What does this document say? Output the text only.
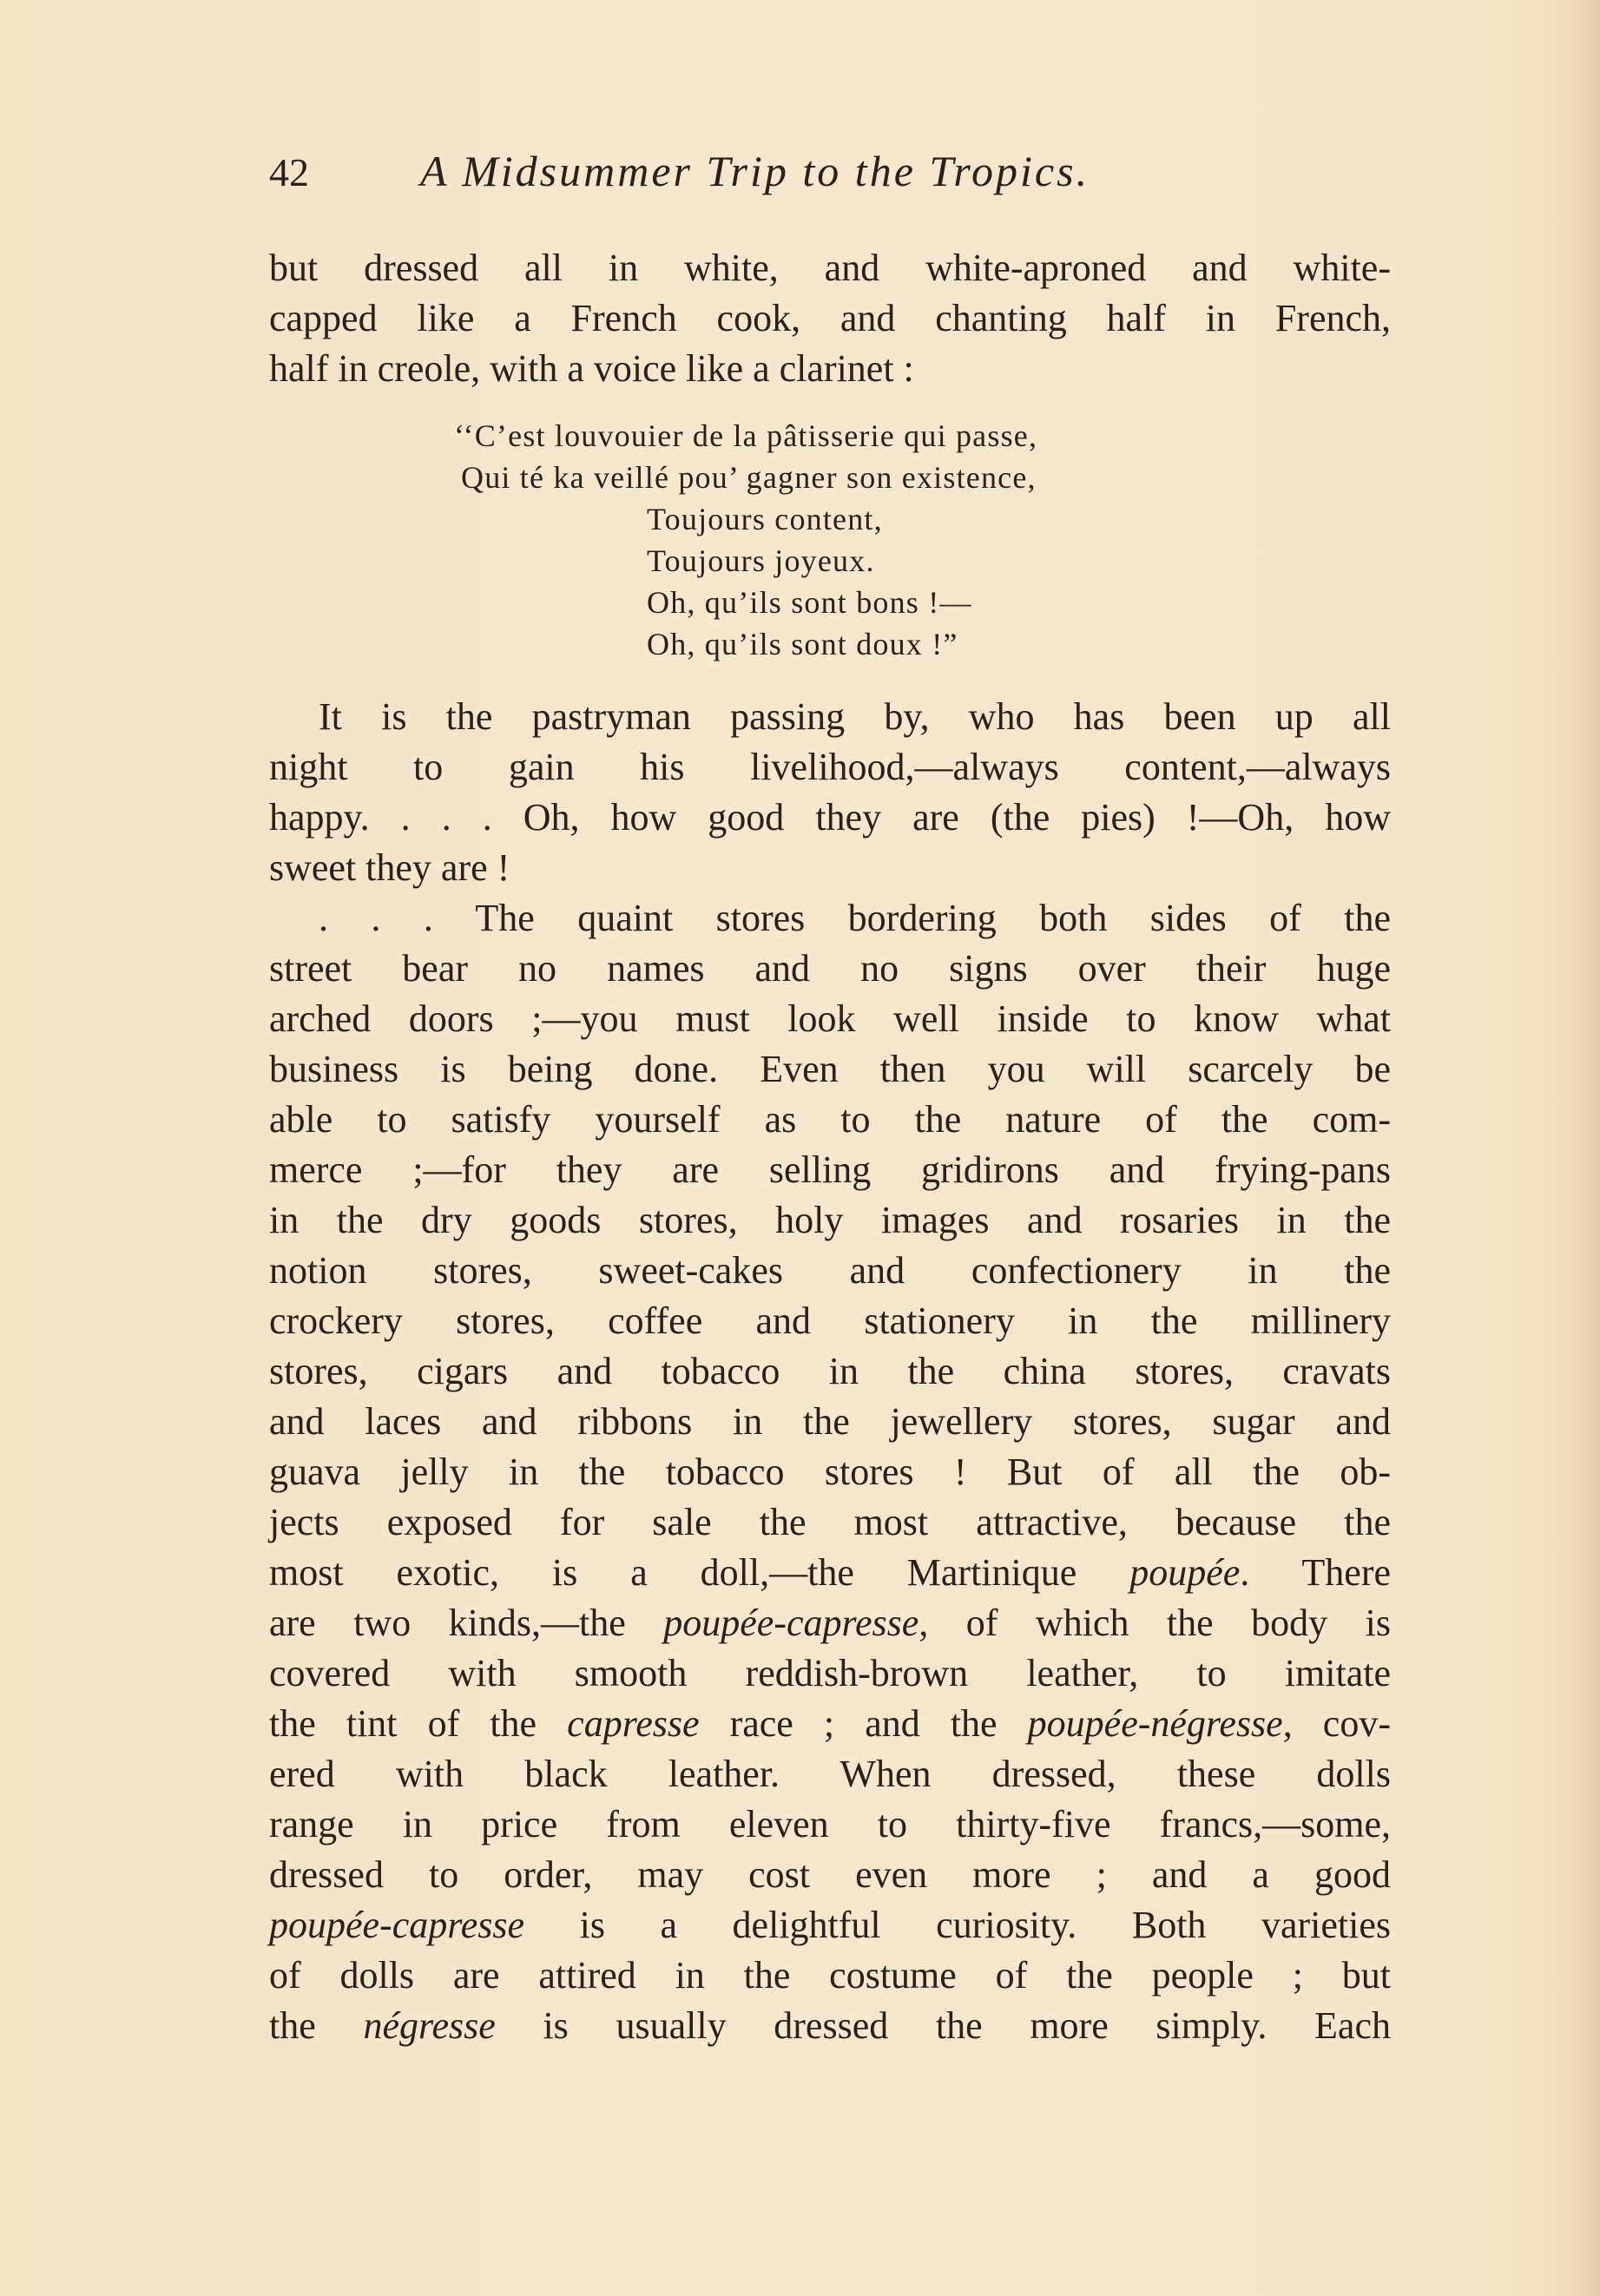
42	A Midsummer Trip to the Tropics.
but dressed all in white, and white-aproned and white-
capped like a French cook, and chanting half in French,
half in creole, with a voice like a clarinet :
‘‘C’est louvouier de la pâtisserie qui passe,
Qui té ka veillé pou’ gagner son existence,
Toujours content,
Toujours joyeux.
Oh, qu’ils sont bons !—
Oh, qu’ils sont doux !”
It is the pastryman passing by, who has been up all
night to gain his livelihood,—always content,—always
happy. . . . Oh, how good they are (the pies) !—Oh, how
sweet they are !
. . . The quaint stores bordering both sides of the
street bear no names and no signs over their huge
arched doors ;—you must look well inside to know what
business is being done. Even then you will scarcely be
able to satisfy yourself as to the nature of the com-
merce ;—for they are selling gridirons and frying-pans
in the dry goods stores, holy images and rosaries in the
notion stores, sweet-cakes and confectionery in the
crockery stores, coffee and stationery in the millinery
stores, cigars and tobacco in the china stores, cravats
and laces and ribbons in the jewellery stores, sugar and
guava jelly in the tobacco stores ! But of all the ob-
jects exposed for sale the most attractive, because the
most exotic, is a doll,—the Martinique poupée. There
are two kinds,—the poupée-capresse, of which the body is
covered with smooth reddish-brown leather, to imitate
the tint of the capresse race ; and the poupée-négresse, cov-
ered with black leather. When dressed, these dolls
range in price from eleven to thirty-five francs,—some,
dressed to order, may cost even more ; and a good
poupée-capresse is a delightful curiosity. Both varieties
of dolls are attired in the costume of the people ; but
the négresse is usually dressed the more simply. Each
